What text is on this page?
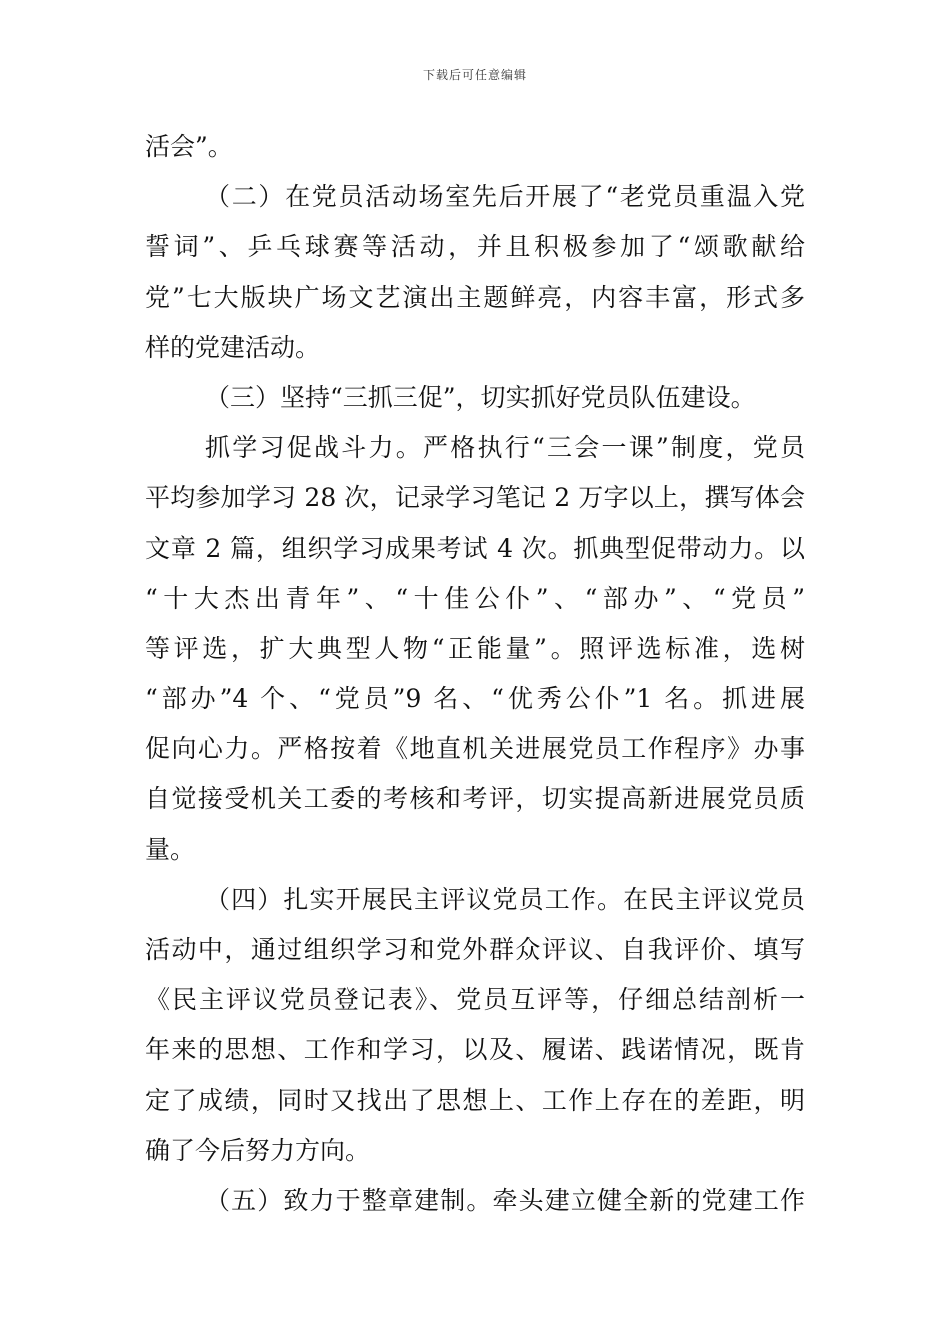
下载后可任意编辑
活会”。
（二）在党员活动场室先后开展了“老党员重温入党
誓词”、乒乓球赛等活动，并且积极参加了“颂歌献给
党”七大版块广场文艺演出主题鲜亮，内容丰富，形式多
样的党建活动。
（三）坚持“三抓三促”，切实抓好党员队伍建设。
抓学习促战斗力。严格执行“三会一课”制度，党员
平均参加学习 28 次，记录学习笔记 2 万字以上，撰写体会
文章 2 篇，组织学习成果考试 4 次。抓典型促带动力。以
“十大杰出青年”、“十佳公仆”、“部办”、“党员”
等评选，扩大典型人物“正能量”。照评选标准，选树
“部办”4 个、“党员”9 名、“优秀公仆”1 名。抓进展
促向心力。严格按着《地直机关进展党员工作程序》办事
自觉接受机关工委的考核和考评，切实提高新进展党员质
量。
（四）扎实开展民主评议党员工作。在民主评议党员
活动中，通过组织学习和党外群众评议、自我评价、填写
《民主评议党员登记表》、党员互评等，仔细总结剖析一
年来的思想、工作和学习，以及、履诺、践诺情况，既肯
定了成绩，同时又找出了思想上、工作上存在的差距，明
确了今后努力方向。
（五）致力于整章建制。牵头建立健全新的党建工作
